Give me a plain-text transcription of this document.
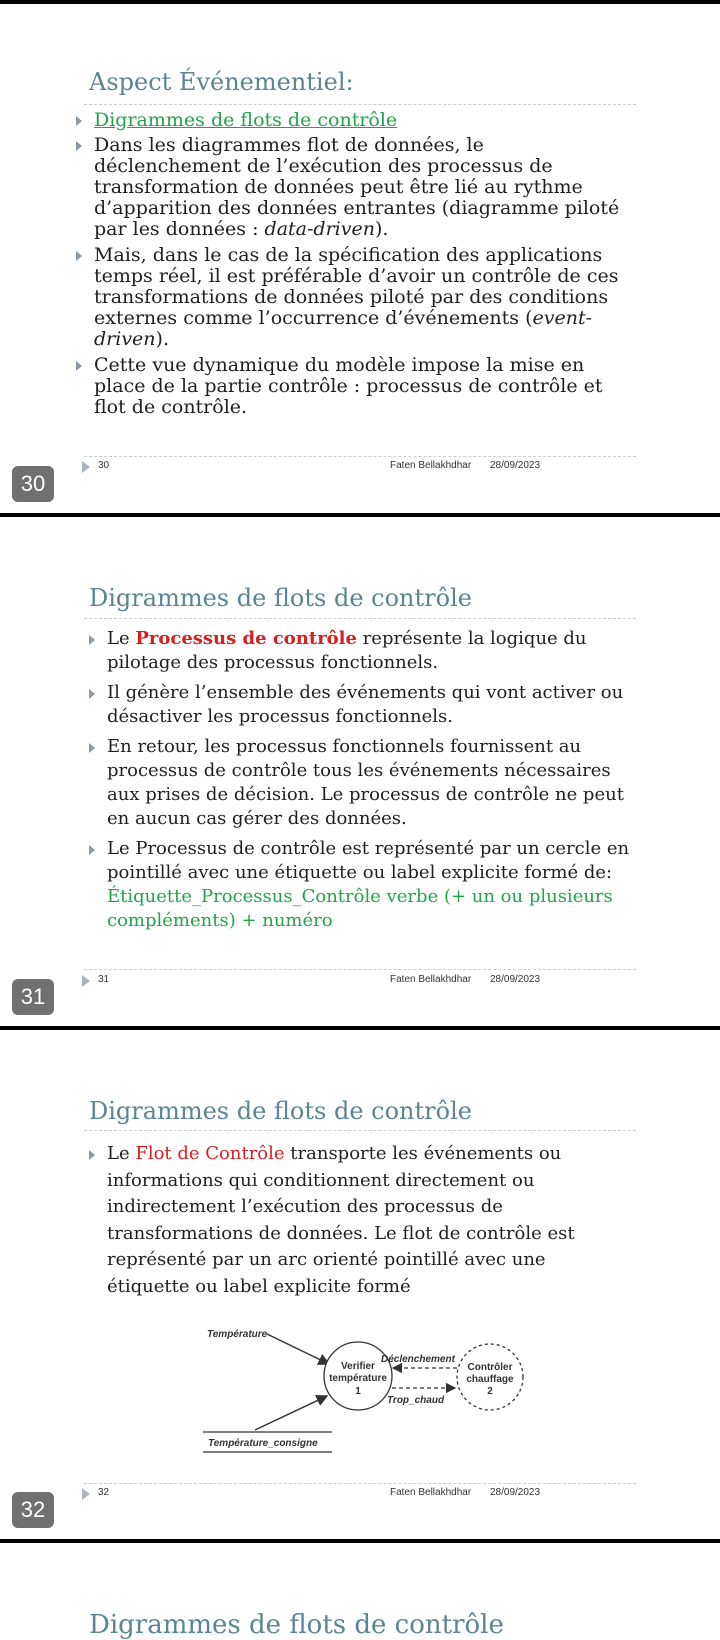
Aspect Événementiel:
Digrammes de flots de contrôle
Dans les diagrammes flot de données, le déclenchement de l’exécution des processus de transformation de données peut être lié au rythme d’apparition des données entrantes (diagramme piloté par les données : data-driven).
Mais, dans le cas de la spécification des applications temps réel, il est préférable d’avoir un contrôle de ces transformations de données piloté par des conditions externes comme l’occurrence d’événements (event-driven).
Cette vue dynamique du modèle impose la mise en place de la partie contrôle : processus de contrôle et flot de contrôle.
30	Faten Bellakhdhar 28/09/2023
30
Digrammes de flots de contrôle
Le Processus de contrôle représente la logique du pilotage des processus fonctionnels.
Il génère l’ensemble des événements qui vont activer ou désactiver les processus fonctionnels.
En retour, les processus fonctionnels fournissent au processus de contrôle tous les événements nécessaires aux prises de décision. Le processus de contrôle ne peut en aucun cas gérer des données.
Le Processus de contrôle est représenté par un cercle en pointillé avec une étiquette ou label explicite formé de: Étiquette_Processus_Contrôle verbe (+ un ou plusieurs compléments) + numéro
31	Faten Bellakhdhar 28/09/2023
31
Digrammes de flots de contrôle
Le Flot de Contrôle transporte les événements ou informations qui conditionnent directement ou indirectement l’exécution des processus de transformations de données. Le flot de contrôle est représenté par un arc orienté pointillé avec une étiquette ou label explicite formé
Température
Température_consigne
Verifier
température
1
Contrôler
chauffage
2
Déclenchement
Trop_chaud
32	Faten Bellakhdhar 28/09/2023
32
Digrammes de flots de contrôle
